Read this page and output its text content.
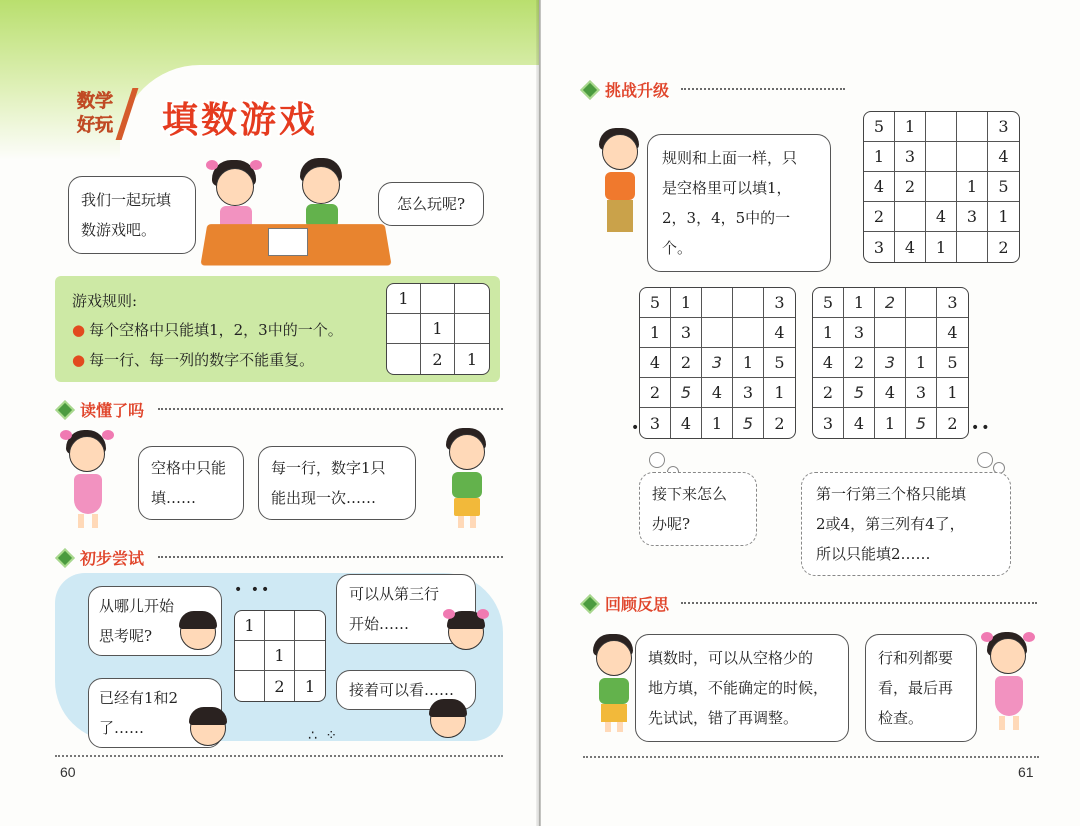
数学
好玩 填数游戏
我们一起玩填
数游戏吧。
怎么玩呢?
游戏规则:
● 每个空格中只能填1，2，3中的一个。
● 每一行、每一列的数字不能重复。
1		
	1	
	2	1
读懂了吗
空格中只能
填……
每一行，数字1只
能出现一次……
初步尝试
从哪儿开始
思考呢?
已经有1和2
了……
• ••
1		
	1	
	2	1
∴ ⁘
可以从第三行
开始……
接着可以看……
60
挑战升级
规则和上面一样，只
是空格里可以填1，
2，3，4，5中的一个。
5	1			3
1	3			4
4	2		1	5
2		4	3	1
3	4	1		2
5	1			3
1	3			4
4	2	3	1	5
2	5	4	3	1
3	4	1	5	2
5	1	2		3
1	3			4
4	2	3	1	5
2	5	4	3	1
3	4	1	5	2
•	••
接下来怎么
办呢?
第一行第三个格只能填
2或4，第三列有4了，
所以只能填2……
回顾反思
填数时，可以从空格少的
地方填，不能确定的时候，
先试试，错了再调整。
行和列都要
看，最后再
检查。
61
